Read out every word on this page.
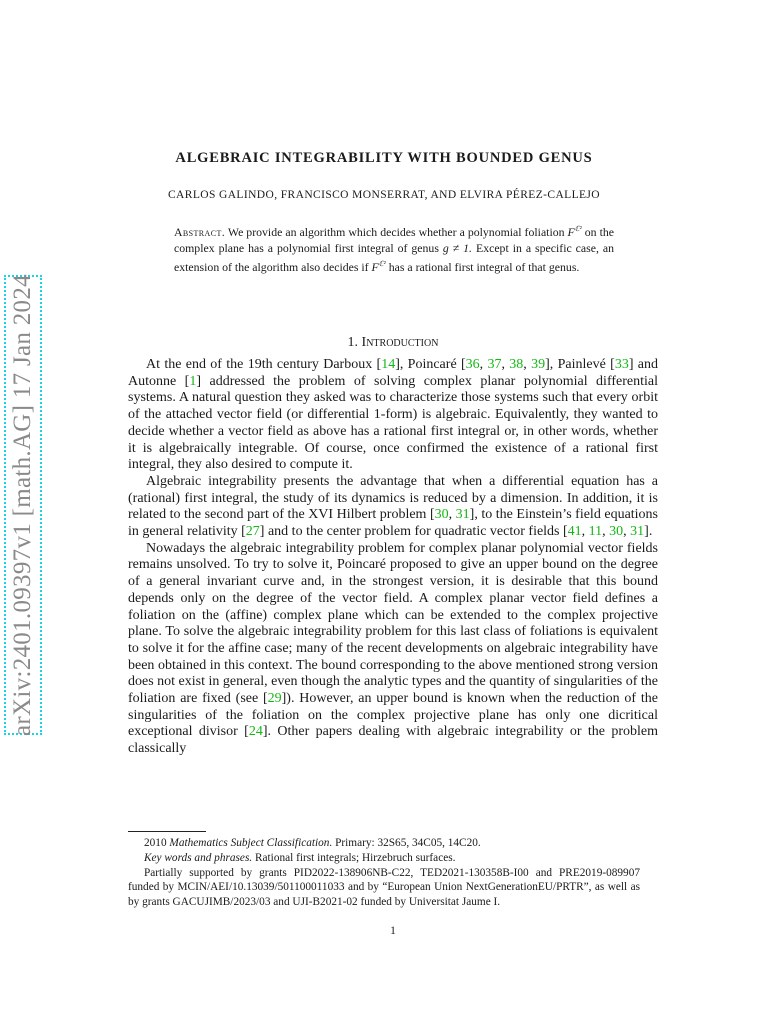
arXiv:2401.09397v1 [math.AG] 17 Jan 2024
ALGEBRAIC INTEGRABILITY WITH BOUNDED GENUS
CARLOS GALINDO, FRANCISCO MONSERRAT, AND ELVIRA PÉREZ-CALLEJO
Abstract. We provide an algorithm which decides whether a polynomial foliation $F^{ℂ^2}$ on the complex plane has a polynomial first integral of genus g ≠ 1. Except in a specific case, an extension of the algorithm also decides if $F^{ℂ^2}$ has a rational first integral of that genus.
1. Introduction

At the end of the 19th century Darboux [14], Poincaré [36, 37, 38, 39], Painlevé [33] and Autonne [1] addressed the problem of solving complex planar polynomial differential systems. A natural question they asked was to characterize those systems such that every orbit of the attached vector field (or differential 1-form) is algebraic. Equivalently, they wanted to decide whether a vector field as above has a rational first integral or, in other words, whether it is algebraically integrable. Of course, once confirmed the existence of a rational first integral, they also desired to compute it.

Algebraic integrability presents the advantage that when a differential equation has a (rational) first integral, the study of its dynamics is reduced by a dimension. In addition, it is related to the second part of the XVI Hilbert problem [30, 31], to the Einstein’s field equations in general relativity [27] and to the center problem for quadratic vector fields [41, 11, 30, 31].

Nowadays the algebraic integrability problem for complex planar polynomial vector fields remains unsolved. To try to solve it, Poincaré proposed to give an upper bound on the degree of a general invariant curve and, in the strongest version, it is desirable that this bound depends only on the degree of the vector field. A complex planar vector field defines a foliation on the (affine) complex plane which can be extended to the complex projective plane. To solve the algebraic integrability problem for this last class of foliations is equivalent to solve it for the affine case; many of the recent developments on algebraic integrability have been obtained in this context. The bound corresponding to the above mentioned strong version does not exist in general, even though the analytic types and the quantity of singularities of the foliation are fixed (see [29]). However, an upper bound is known when the reduction of the singularities of the foliation on the complex projective plane has only one dicritical exceptional divisor [24]. Other papers dealing with algebraic integrability or the problem classically

2010 Mathematics Subject Classification. Primary: 32S65, 34C05, 14C20.

Key words and phrases. Rational first integrals; Hirzebruch surfaces.

Partially supported by grants PID2022-138906NB-C22, TED2021-130358B-I00 and PRE2019-089907 funded by MCIN/AEI/10.13039/501100011033 and by “European Union NextGenerationEU/PRTR”, as well as by grants GACUJIMB/2023/03 and UJI-B2021-02 funded by Universitat Jaume I.

1
